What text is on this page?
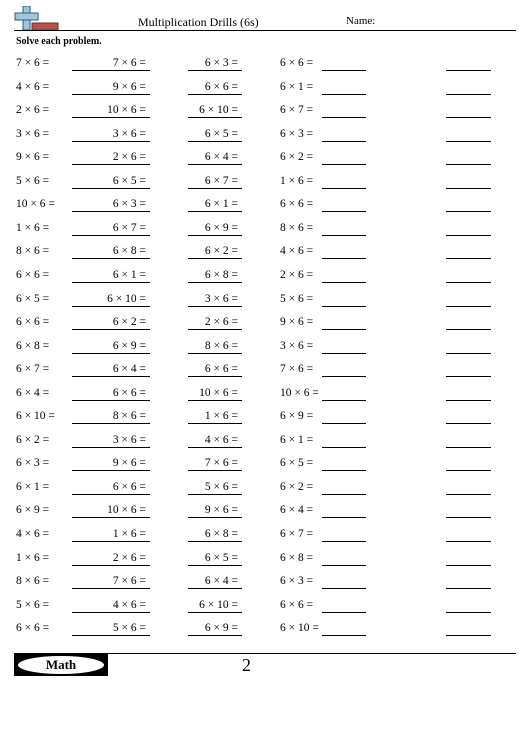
Multiplication Drills (6s)	Name:
Solve each problem.
7 × 6 =	7 × 6 =	6 × 3 =	6 × 6 =
4 × 6 =	9 × 6 =	6 × 6 =	6 × 1 =
2 × 6 =	10 × 6 =	6 × 10 =	6 × 7 =
3 × 6 =	3 × 6 =	6 × 5 =	6 × 3 =
9 × 6 =	2 × 6 =	6 × 4 =	6 × 2 =
5 × 6 =	6 × 5 =	6 × 7 =	1 × 6 =
10 × 6 =	6 × 3 =	6 × 1 =	6 × 6 =
1 × 6 =	6 × 7 =	6 × 9 =	8 × 6 =
8 × 6 =	6 × 8 =	6 × 2 =	4 × 6 =
6 × 6 =	6 × 1 =	6 × 8 =	2 × 6 =
6 × 5 =	6 × 10 =	3 × 6 =	5 × 6 =
6 × 6 =	6 × 2 =	2 × 6 =	9 × 6 =
6 × 8 =	6 × 9 =	8 × 6 =	3 × 6 =
6 × 7 =	6 × 4 =	6 × 6 =	7 × 6 =
6 × 4 =	6 × 6 =	10 × 6 =	10 × 6 =
6 × 10 =	8 × 6 =	1 × 6 =	6 × 9 =
6 × 2 =	3 × 6 =	4 × 6 =	6 × 1 =
6 × 3 =	9 × 6 =	7 × 6 =	6 × 5 =
6 × 1 =	6 × 6 =	5 × 6 =	6 × 2 =
6 × 9 =	10 × 6 =	9 × 6 =	6 × 4 =
4 × 6 =	1 × 6 =	6 × 8 =	6 × 7 =
1 × 6 =	2 × 6 =	6 × 5 =	6 × 8 =
8 × 6 =	7 × 6 =	6 × 4 =	6 × 3 =
5 × 6 =	4 × 6 =	6 × 10 =	6 × 6 =
6 × 6 =	5 × 6 =	6 × 9 =	6 × 10 =
Math	2
